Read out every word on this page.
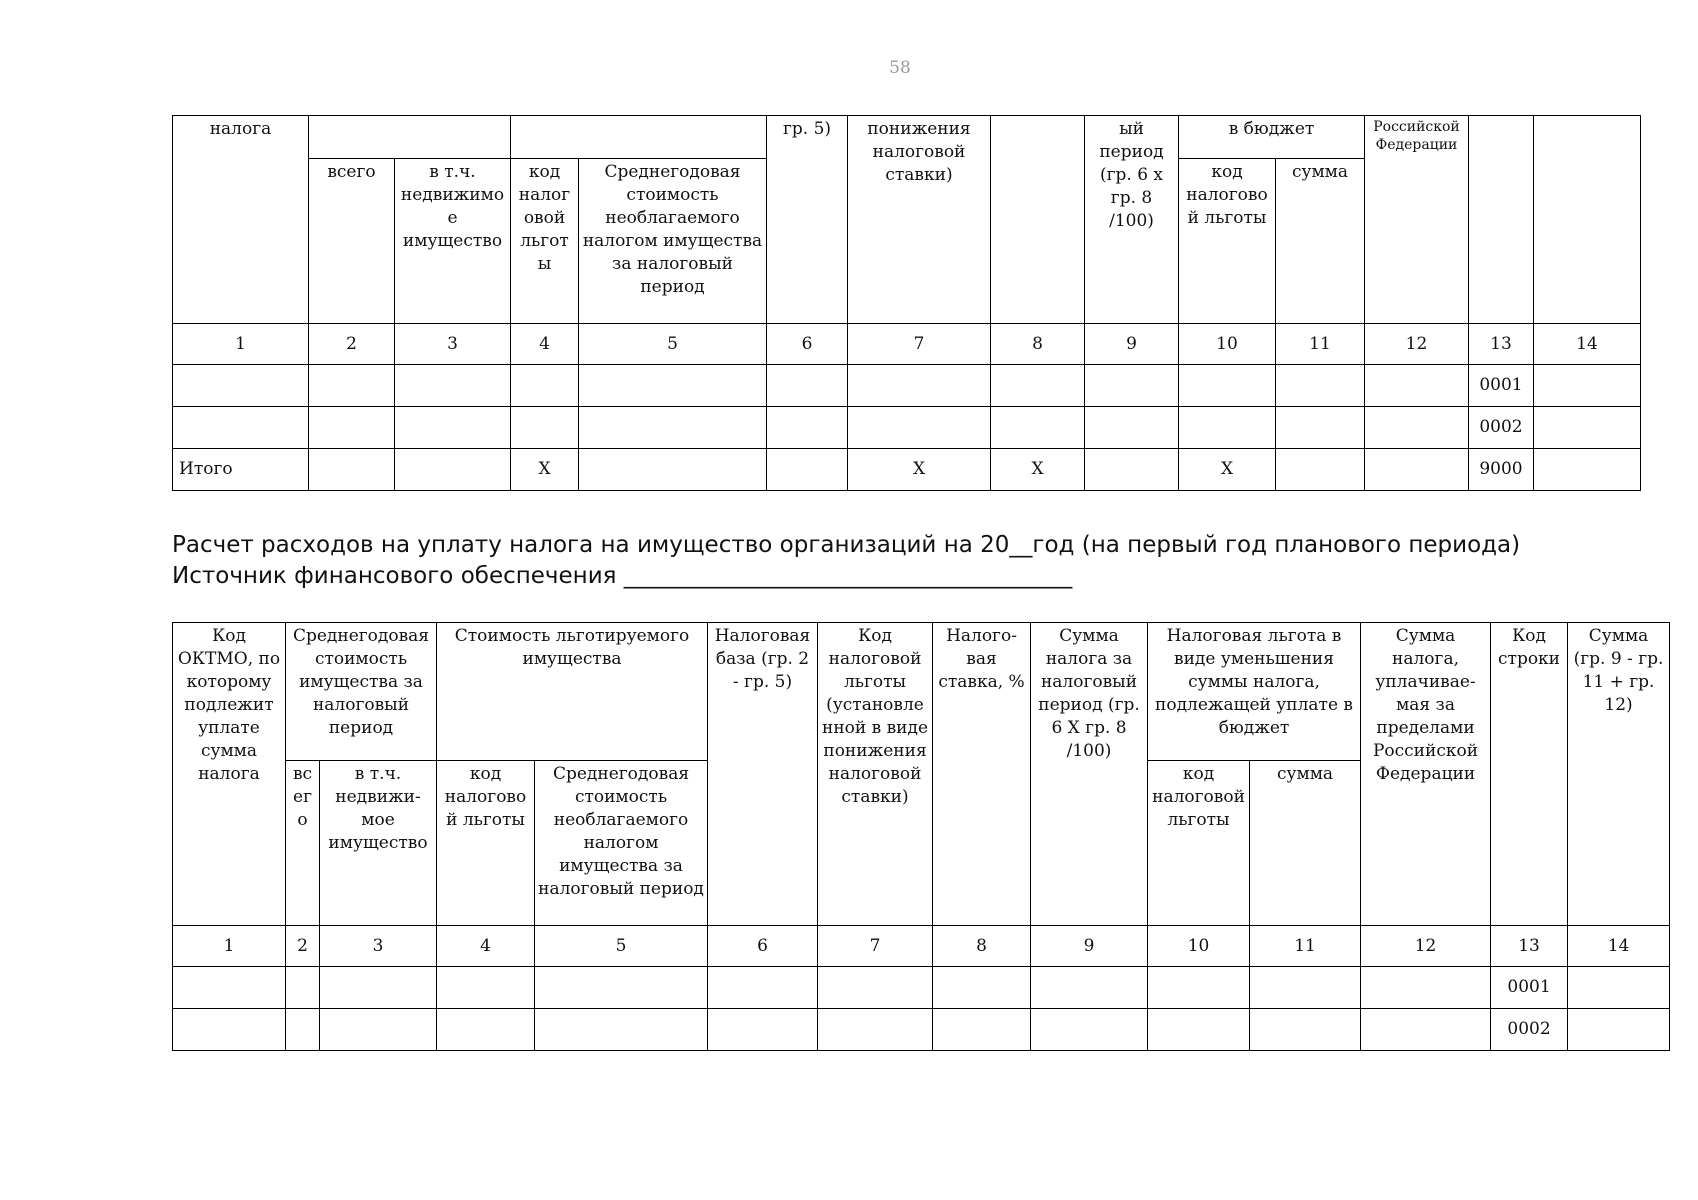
58
налога					гр. 5)	понижения налоговой ставки)		ый период (гр. 6 х гр. 8 /100)	в бюджет		Российской Федерации		
	всего	в т.ч. недвижимо е имущество	код налог овой льгот ы	Среднегодовая стоимость необлагаемого налогом имущества за налоговый период					код налогово й льготы	сумма			
1	2	3	4	5	6	7	8	9	10	11	12	13	14
												0001	
												0002	
Итого			X			X	X		X			9000	
Расчет расходов на уплату налога на имущество организаций на 20__год (на первый год планового периода)
Источник финансового обеспечения _______________________________________
Код ОКТМО, по которому подлежит уплате сумма налога	Среднегодовая стоимость имущества за налоговый период		Стоимость льготируемого имущества		Налоговая база (гр. 2 - гр. 5)	Код налоговой льготы (установле нной в виде понижения налоговой ставки)	Налого-вая ставка, %	Сумма налога за налоговый период (гр. 6 Х гр. 8 /100)	Налоговая льгота в виде уменьшения суммы налога, подлежащей уплате в бюджет		Сумма налога, уплачивае-мая за пределами Российской Федерации	Код строки	Сумма (гр. 9 - гр. 11 + гр. 12)
	вс ег о	в т.ч. недвижи-мое имущество	код налогово й льготы	Среднегодовая стоимость необлагаемого налогом имущества за налоговый период					код налоговой льготы	сумма			
1	2	3	4	5	6	7	8	9	10	11	12	13	14
												0001	
												0002	
